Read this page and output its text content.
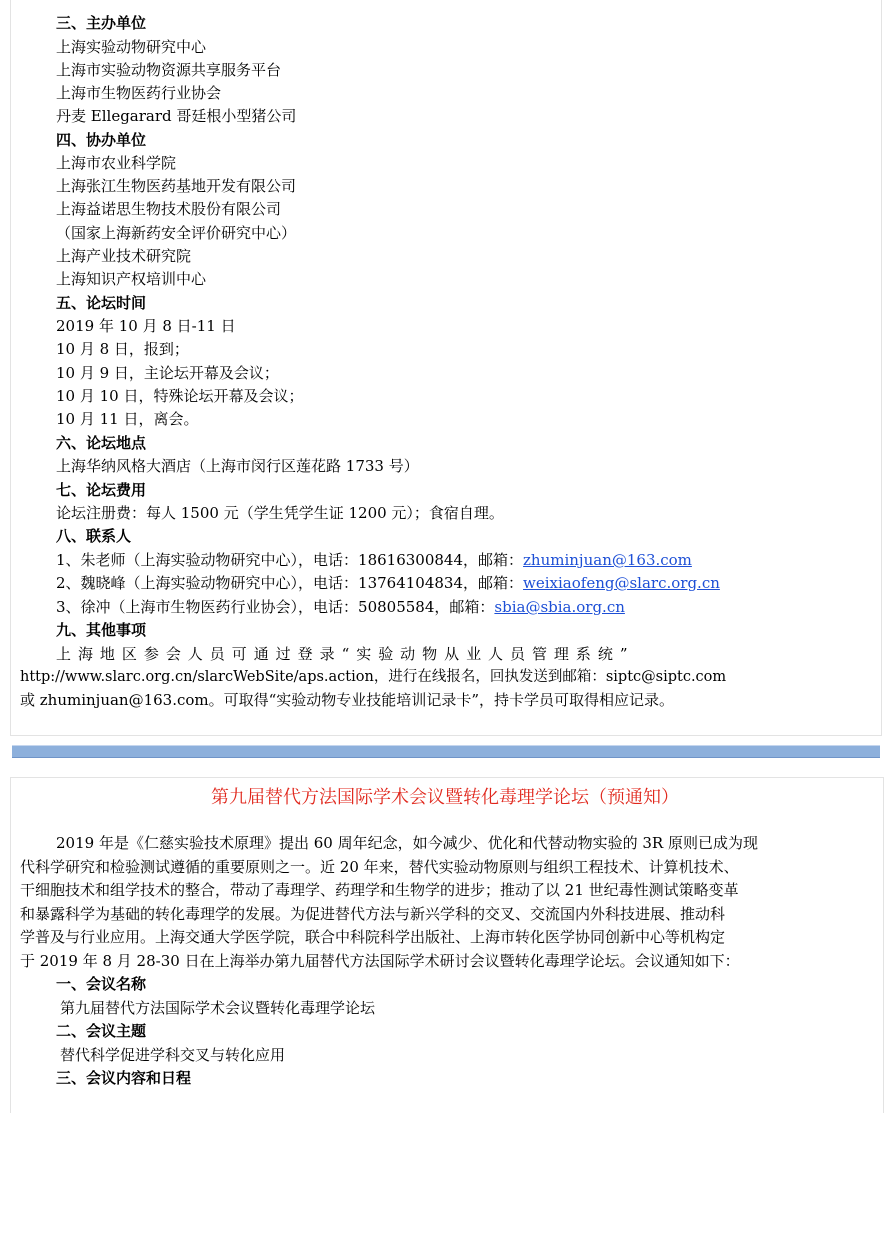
三、主办单位
上海实验动物研究中心
上海市实验动物资源共享服务平台
上海市生物医药行业协会
丹麦 Ellegarard 哥廷根小型猪公司
四、协办单位
上海市农业科学院
上海张江生物医药基地开发有限公司
上海益诺思生物技术股份有限公司
（国家上海新药安全评价研究中心）
上海产业技术研究院
上海知识产权培训中心
五、论坛时间
2019 年 10 月 8 日-11 日
10 月 8 日，报到；
10 月 9 日，主论坛开幕及会议；
10 月 10 日，特殊论坛开幕及会议；
10 月 11 日，离会。
六、论坛地点
上海华纳风格大酒店（上海市闵行区莲花路 1733 号）
七、论坛费用
论坛注册费：每人 1500 元（学生凭学生证 1200 元）；食宿自理。
八、联系人
1、朱老师（上海实验动物研究中心），电话：18616300844，邮箱：zhuminjuan@163.com
2、魏晓峰（上海实验动物研究中心），电话：13764104834，邮箱：weixiaofeng@slarc.org.cn
3、徐冲（上海市生物医药行业协会），电话：50805584，邮箱：sbia@sbia.org.cn
九、其他事项
上 海 地 区 参 会 人 员 可 通 过 登 录 “ 实 验 动 物 从 业 人 员 管 理 系 统 ”
http://www.slarc.org.cn/slarcWebSite/aps.action，进行在线报名，回执发送到邮箱：siptc@siptc.com
或 zhuminjuan@163.com。可取得“实验动物专业技能培训记录卡”，持卡学员可取得相应记录。
第九届替代方法国际学术会议暨转化毒理学论坛（预通知）
2019 年是《仁慈实验技术原理》提出 60 周年纪念，如今减少、优化和代替动物实验的 3R 原则已成为现
代科学研究和检验测试遵循的重要原则之一。近 20 年来，替代实验动物原则与组织工程技术、计算机技术、
干细胞技术和组学技术的整合，带动了毒理学、药理学和生物学的进步；推动了以 21 世纪毒性测试策略变革
和暴露科学为基础的转化毒理学的发展。为促进替代方法与新兴学科的交叉、交流国内外科技进展、推动科
学普及与行业应用。上海交通大学医学院，联合中科院科学出版社、上海市转化医学协同创新中心等机构定
于 2019 年 8 月 28-30 日在上海举办第九届替代方法国际学术研讨会议暨转化毒理学论坛。会议通知如下：
一、会议名称
第九届替代方法国际学术会议暨转化毒理学论坛
二、会议主题
替代科学促进学科交叉与转化应用
三、会议内容和日程
